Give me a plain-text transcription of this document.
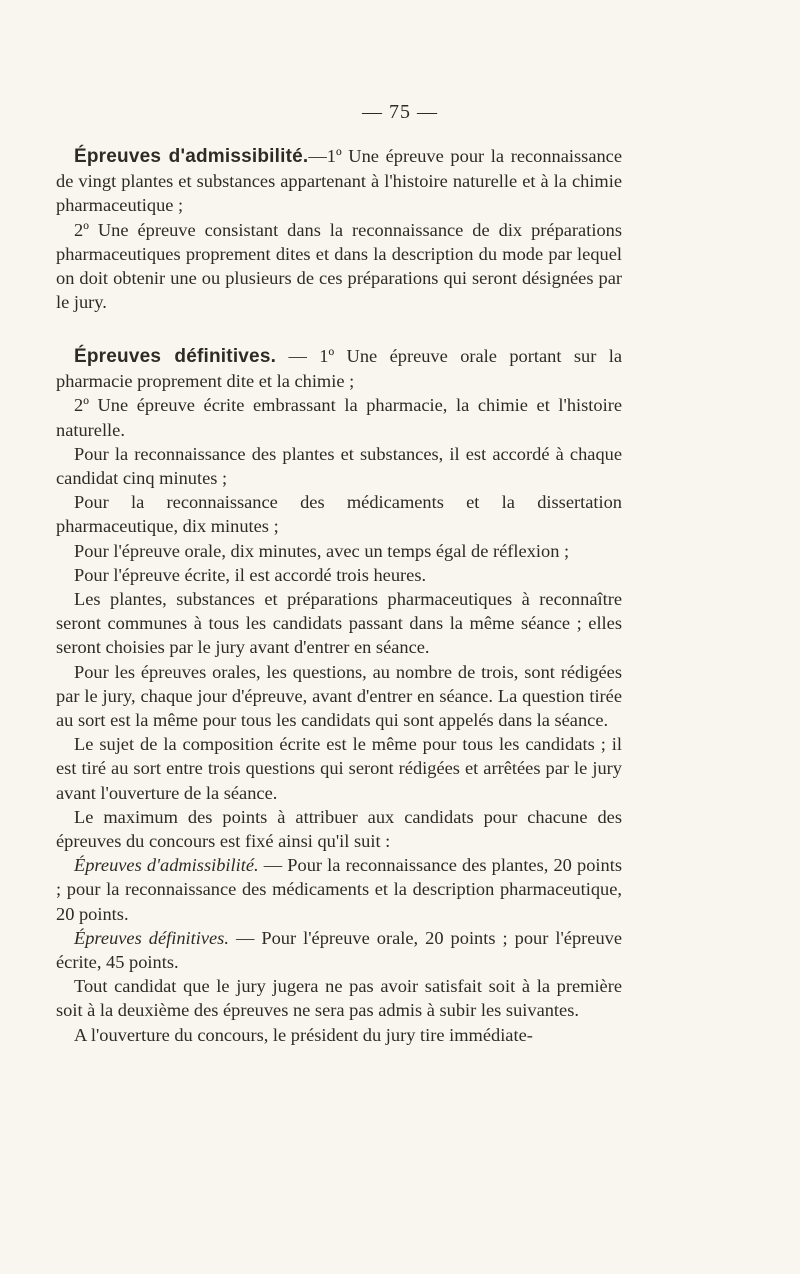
— 75 —

Épreuves d'admissibilité.—1º Une épreuve pour la reconnaissance de vingt plantes et substances appartenant à l'histoire naturelle et à la chimie pharmaceutique ;

2º Une épreuve consistant dans la reconnaissance de dix préparations pharmaceutiques proprement dites et dans la description du mode par lequel on doit obtenir une ou plusieurs de ces préparations qui seront désignées par le jury.

Épreuves définitives. — 1º Une épreuve orale portant sur la pharmacie proprement dite et la chimie ;

2º Une épreuve écrite embrassant la pharmacie, la chimie et l'histoire naturelle.

Pour la reconnaissance des plantes et substances, il est accordé à chaque candidat cinq minutes ;

Pour la reconnaissance des médicaments et la dissertation pharmaceutique, dix minutes ;

Pour l'épreuve orale, dix minutes, avec un temps égal de réflexion ;

Pour l'épreuve écrite, il est accordé trois heures.

Les plantes, substances et préparations pharmaceutiques à reconnaître seront communes à tous les candidats passant dans la même séance ; elles seront choisies par le jury avant d'entrer en séance.

Pour les épreuves orales, les questions, au nombre de trois, sont rédigées par le jury, chaque jour d'épreuve, avant d'entrer en séance. La question tirée au sort est la même pour tous les candidats qui sont appelés dans la séance.

Le sujet de la composition écrite est le même pour tous les candidats ; il est tiré au sort entre trois questions qui seront rédigées et arrêtées par le jury avant l'ouverture de la séance.

Le maximum des points à attribuer aux candidats pour chacune des épreuves du concours est fixé ainsi qu'il suit :

Épreuves d'admissibilité. — Pour la reconnaissance des plantes, 20 points ; pour la reconnaissance des médicaments et la description pharmaceutique, 20 points.

Épreuves définitives. — Pour l'épreuve orale, 20 points ; pour l'épreuve écrite, 45 points.

Tout candidat que le jury jugera ne pas avoir satisfait soit à la première soit à la deuxième des épreuves ne sera pas admis à subir les suivantes.

A l'ouverture du concours, le président du jury tire immédiate-
